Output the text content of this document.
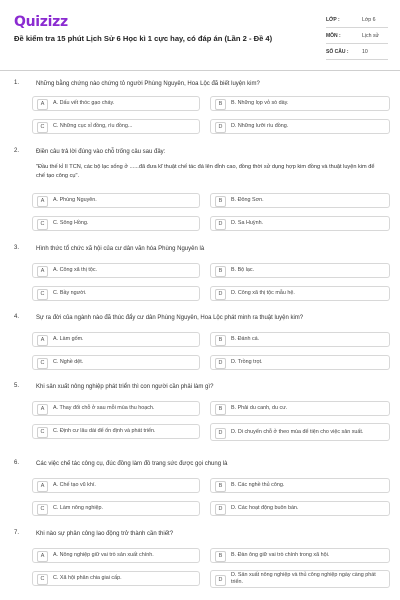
Quizizz
Đề kiểm tra 15 phút Lịch Sử 6 Học kì 1 cực hay, có đáp án (Lần 2 - Đề 4)
LỚP :	Lớp 6
MÔN :	Lịch sử
SỐ CÂU :	10
1.	Những bằng chứng nào chứng tỏ người Phùng Nguyên, Hoa Lộc đã biết luyện kim?
A	A. Dấu vết thóc gạo cháy.	B	B. Những lọp vỏ sò dày.
C	C. Những cục xỉ đồng, rìu đồng...	D	D. Những lưỡi rìu đồng.
2.	Điền câu trả lời đúng vào chỗ trống câu sau đây:
"Đầu thế kỉ II TCN, các bộ lạc sống ở ......đã đưa kĩ thuật chế tác đá lên đỉnh cao, đồng thời sử dụng hợp kim đồng và thuật luyện kim để chế tạo công cụ".
A	A. Phùng Nguyên.	B	B. Đông Sơn.
C	C. Sông Hồng.	D	D. Sa Huỳnh.
3.	Hình thức tổ chức xã hội của cư dân văn hóa Phùng Nguyên là
A	A. Công xã thị tộc.	B	B. Bộ lạc.
C	C. Bầy người.	D	D. Công xã thị tộc mẫu hệ.
4.	Sự ra đời của ngành nào đã thúc đẩy cư dân Phùng Nguyên, Hoa Lộc phát minh ra thuật luyện kim?
A	A. Làm gốm.	B	B. Đánh cá.
C	C. Nghề dệt.	D	D. Trồng trọt.
5.	Khi sản xuất nông nghiệp phát triển thì con người cần phải làm gì?
A	A. Thay đổi chỗ ở sau mỗi mùa thu hoạch.	B	B. Phải du canh, du cư.
C	C. Định cư lâu dài để ổn định và phát triển.	D	D. Di chuyển chỗ ở theo mùa để tiện cho việc sản xuất.
6.	Các việc chế tác công cụ, đúc đồng làm đồ trang sức được gọi chung là
A	A. Chế tạo vũ khí.	B	B. Các nghề thủ công.
C	C. Làm nông nghiệp.	D	D. Các hoạt động buôn bán.
7.	Khi nào sự phân công lao động trở thành cần thiết?
A	A. Nông nghiệp giữ vai trò sản xuất chính.	B	B. Đàn ông giữ vai trò chính trong xã hội.
C	C. Xã hội phân chia giai cấp.	D
D. Sản xuất nông nghiệp và thủ công nghiệp ngày càng phát triển.
